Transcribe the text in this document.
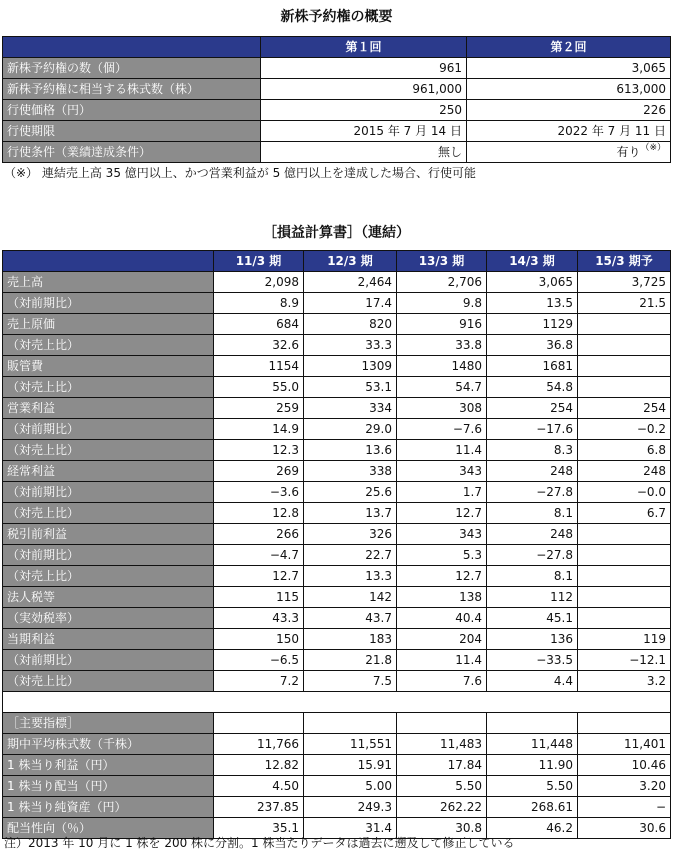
新株予約権の概要
	第１回	第２回
新株予約権の数（個）	961	3,065
新株予約権に相当する株式数（株）	961,000	613,000
行使価格（円）	250	226
行使期限	2015 年 7 月 14 日	2022 年 7 月 11 日
行使条件（業績達成条件）	無し	有り（※）
（※） 連結売上高 35 億円以上、かつ営業利益が 5 億円以上を達成した場合、行使可能
［損益計算書］（連結）
	11/3 期	12/3 期	13/3 期	14/3 期	15/3 期予
売上高	2,098	2,464	2,706	3,065	3,725
（対前期比）	8.9	17.4	9.8	13.5	21.5
売上原価	684	820	916	1129	
（対売上比）	32.6	33.3	33.8	36.8	
販管費	1154	1309	1480	1681	
（対売上比）	55.0	53.1	54.7	54.8	
営業利益	259	334	308	254	254
（対前期比）	14.9	29.0	−7.6	−17.6	−0.2
（対売上比）	12.3	13.6	11.4	8.3	6.8
経常利益	269	338	343	248	248
（対前期比）	−3.6	25.6	1.7	−27.8	−0.0
（対売上比）	12.8	13.7	12.7	8.1	6.7
税引前利益	266	326	343	248	
（対前期比）	−4.7	22.7	5.3	−27.8	
（対売上比）	12.7	13.3	12.7	8.1	
法人税等	115	142	138	112	
（実効税率）	43.3	43.7	40.4	45.1	
当期利益	150	183	204	136	119
（対前期比）	−6.5	21.8	11.4	−33.5	−12.1
（対売上比）	7.2	7.5	7.6	4.4	3.2

［主要指標］					
期中平均株式数（千株）	11,766	11,551	11,483	11,448	11,401
1 株当り利益（円）	12.82	15.91	17.84	11.90	10.46
1 株当り配当（円）	4.50	5.00	5.50	5.50	3.20
1 株当り純資産（円）	237.85	249.3	262.22	268.61	−
配当性向（％）	35.1	31.4	30.8	46.2	30.6
注）2013 年 10 月に 1 株を 200 株に分割。1 株当たりデータは過去に遡及して修正している
